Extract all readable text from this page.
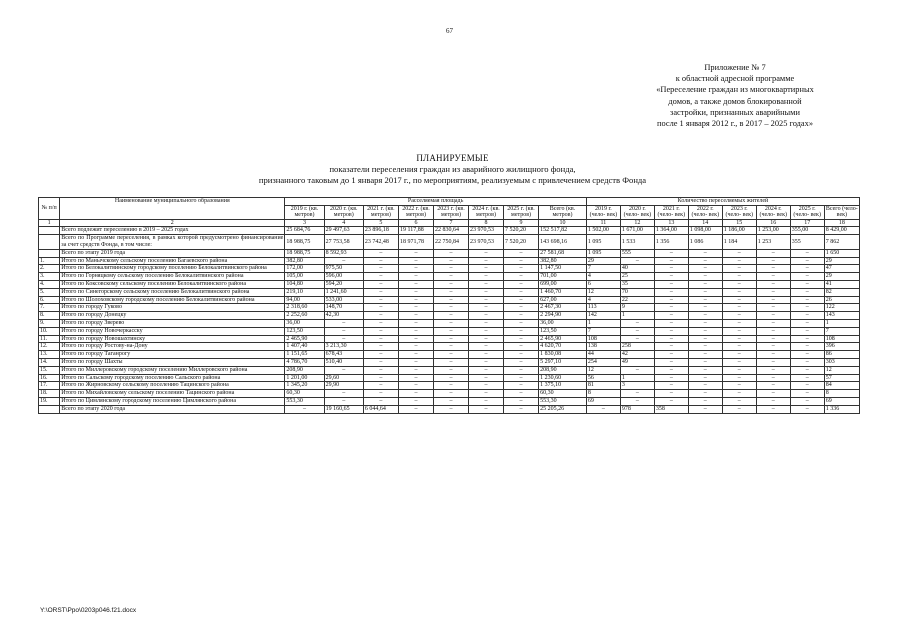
67
Приложение № 7
к областной адресной программе
«Переселение граждан из многоквартирных
домов, а также домов блокированной
застройки, признанных аварийными
после 1 января 2012 г., в 2017 – 2025 годах»
ПЛАНИРУЕМЫЕ
показатели переселения граждан из аварийного жилищного фонда,
признанного таковым до 1 января 2017 г., по мероприятиям, реализуемым с привлечением средств Фонда
№ п/п	Наименование муниципального образования	Расселяемая площадь								Количество переселяемых жителей							
		2019 г. (кв. метров)	2020 г. (кв. метров)	2021 г. (кв. метров)	2022 г. (кв. метров)	2023 г. (кв. метров)	2024 г. (кв. метров)	2025 г. (кв. метров)	Всего (кв. метров)	2019 г. (чело- век)	2020 г. (чело- век)	2021 г. (чело- век)	2022 г. (чело- век)	2023 г. (чело- век)	2024 г. (чело- век)	2025 г. (чело- век)	Всего (чело- век)
1	2	3	4	5	6	7	8	9	10	11	12	13	14	15	16	17	18
	Всего подлежит переселению в 2019 – 2025 годах	25 684,76	29 497,63	23 896,18	19 117,88	22 830,64	23 970,53	7 520,20	152 517,82	1 502,00	1 671,00	1 364,00	1 098,00	1 186,00	1 253,00	355,00	8 429,00
	Всего по Программе переселения, в рамках которой предусмотрено финансирование за счет средств Фонда, в том числе:	18 988,75	27 753,58	23 742,48	18 971,78	22 750,84	23 970,53	7 520,20	143 698,16	1 095	1 533	1 356	1 086	1 184	1 253	355	7 862
	Всего по этапу 2019 года	18 988,75	8 592,93	–	–	–	–	–	27 581,68	1 095	555	–	–	–	–	–	1 650
1.	Итого по Манычскому сельскому поселению Багаевского района	382,80	–	–	–	–	–	–	382,80	29	–	–	–	–	–	–	29
2.	Итого по Белокалитвинскому городскому поселению Белокалитвинского района	172,00	975,50	–	–	–	–	–	1 147,50	7	40	–	–	–	–	–	47
3.	Итого по Горняцкому сельскому поселению Белокалитвинского района	105,00	596,00	–	–	–	–	–	701,00	4	25	–	–	–	–	–	29
4.	Итого по Коксовскому сельскому поселению Белокалитвинского района	104,80	594,20	–	–	–	–	–	699,00	6	35	–	–	–	–	–	41
5.	Итого по Синегорскому сельскому поселению Белокалитвинского района	219,10	1 241,60	–	–	–	–	–	1 460,70	12	70	–	–	–	–	–	82
6.	Итого по Шолоховскому городскому поселению Белокалитвинского района	94,00	533,00	–	–	–	–	–	627,00	4	22	–	–	–	–	–	26
7.	Итого по городу Гуково	2 318,60	148,70	–	–	–	–	–	2 467,30	113	9	–	–	–	–	–	122
8.	Итого по городу Донецку	2 252,60	42,30	–	–	–	–	–	2 294,90	142	1	–	–	–	–	–	143
9.	Итого по городу Зверево	36,00	–	–	–	–	–	–	36,00	1	–	–	–	–	–	–	1
10.	Итого по городу Новочеркасску	123,50	–	–	–	–	–	–	123,50	7	–	–	–	–	–	–	7
11.	Итого по городу Новошахтинску	2 465,90	–	–	–	–	–	–	2 465,90	108	–	–	–	–	–	–	108
12.	Итого по городу Ростову-на-Дону	1 407,40	3 213,30	–	–	–	–	–	4 620,70	138	258	–	–	–	–	–	396
13.	Итого по городу Таганрогу	1 151,65	678,43	–	–	–	–	–	1 830,08	44	42	–	–	–	–	–	86
14.	Итого по городу Шахты	4 786,70	510,40	–	–	–	–	–	5 297,10	254	49	–	–	–	–	–	303
15.	Итого по Миллеровскому городскому поселению Миллеровского района	208,90	–	–	–	–	–	–	208,90	12	–	–	–	–	–	–	12
16.	Итого по Сальскому городскому поселению Сальского района	1 201,00	29,60	–	–	–	–	–	1 230,60	56	1	–	–	–	–	–	57
17.	Итого по Жирновскому сельскому поселению Тацинского района	1 345,20	29,90	–	–	–	–	–	1 375,10	81	3	–	–	–	–	–	84
18.	Итого по Михайловскому сельскому поселению Тацинского района	60,30	–	–	–	–	–	–	60,30	8	–	–	–	–	–	–	8
19.	Итого по Цимлянскому городскому поселению Цимлянского района	553,30	–	–	–	–	–	–	553,30	69	–	–	–	–	–	–	69
	Всего по этапу 2020 года	–	19 160,65	6 044,64	–	–	–	–	25 205,26	–	978	358	–	–	–	–	1 336
Y:\ORST\Ppo\0203p046.f21.docx
